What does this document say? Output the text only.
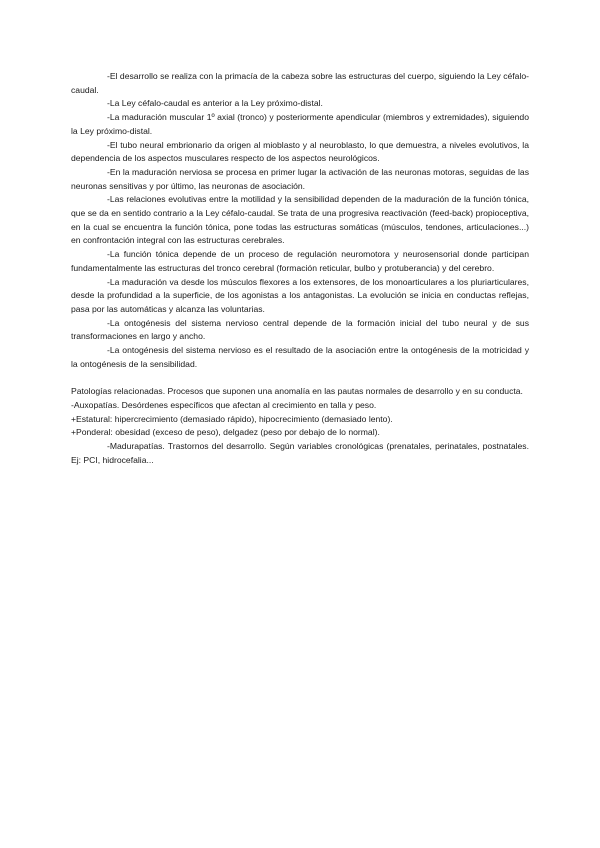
-El desarrollo se realiza con la primacía de la cabeza sobre las estructuras del cuerpo, siguiendo la Ley céfalo-caudal.

-La Ley céfalo-caudal es anterior a la Ley próximo-distal.

-La maduración muscular 1º axial (tronco) y posteriormente apendicular (miembros y extremidades), siguiendo la Ley próximo-distal.

-El tubo neural embrionario da origen al mioblasto y al neuroblasto, lo que demuestra, a niveles evolutivos, la dependencia de los aspectos musculares respecto de los aspectos neurológicos.

-En la maduración nerviosa se procesa en primer lugar la activación de las neuronas motoras, seguidas de las neuronas sensitivas y por último, las neuronas de asociación.

-Las relaciones evolutivas entre la motilidad y la sensibilidad dependen de la maduración de la función tónica, que se da en sentido contrario a la Ley céfalo-caudal. Se trata de una progresiva reactivación (feed-back) propioceptiva, en la cual se encuentra la función tónica, pone todas las estructuras somáticas (músculos, tendones, articulaciones...) en confrontación integral con las estructuras cerebrales.

-La función tónica depende de un proceso de regulación neuromotora y neurosensorial donde participan fundamentalmente las estructuras del tronco cerebral (formación reticular, bulbo y protuberancia) y del cerebro.

-La maduración va desde los músculos flexores a los extensores, de los monoarticulares a los pluriarticulares, desde la profundidad a la superficie, de los agonistas a los antagonistas. La evolución se inicia en conductas reflejas, pasa por las automáticas y alcanza las voluntarias.

-La ontogénesis del sistema nervioso central depende de la formación inicial del tubo neural y de sus transformaciones en largo y ancho.

-La ontogénesis del sistema nervioso es el resultado de la asociación entre la ontogénesis de la motricidad y la ontogénesis de la sensibilidad.

Patologías relacionadas. Procesos que suponen una anomalía en las pautas normales de desarrollo y en su conducta.

-Auxopatías. Desórdenes específicos que afectan al crecimiento en talla y peso.

+Estatural: hipercrecimiento (demasiado rápido), hipocrecimiento (demasiado lento).

+Ponderal: obesidad (exceso de peso), delgadez (peso por debajo de lo normal).

-Madurapatías. Trastornos del desarrollo. Según variables cronológicas (prenatales, perinatales, postnatales. Ej: PCI, hidrocefalia...
